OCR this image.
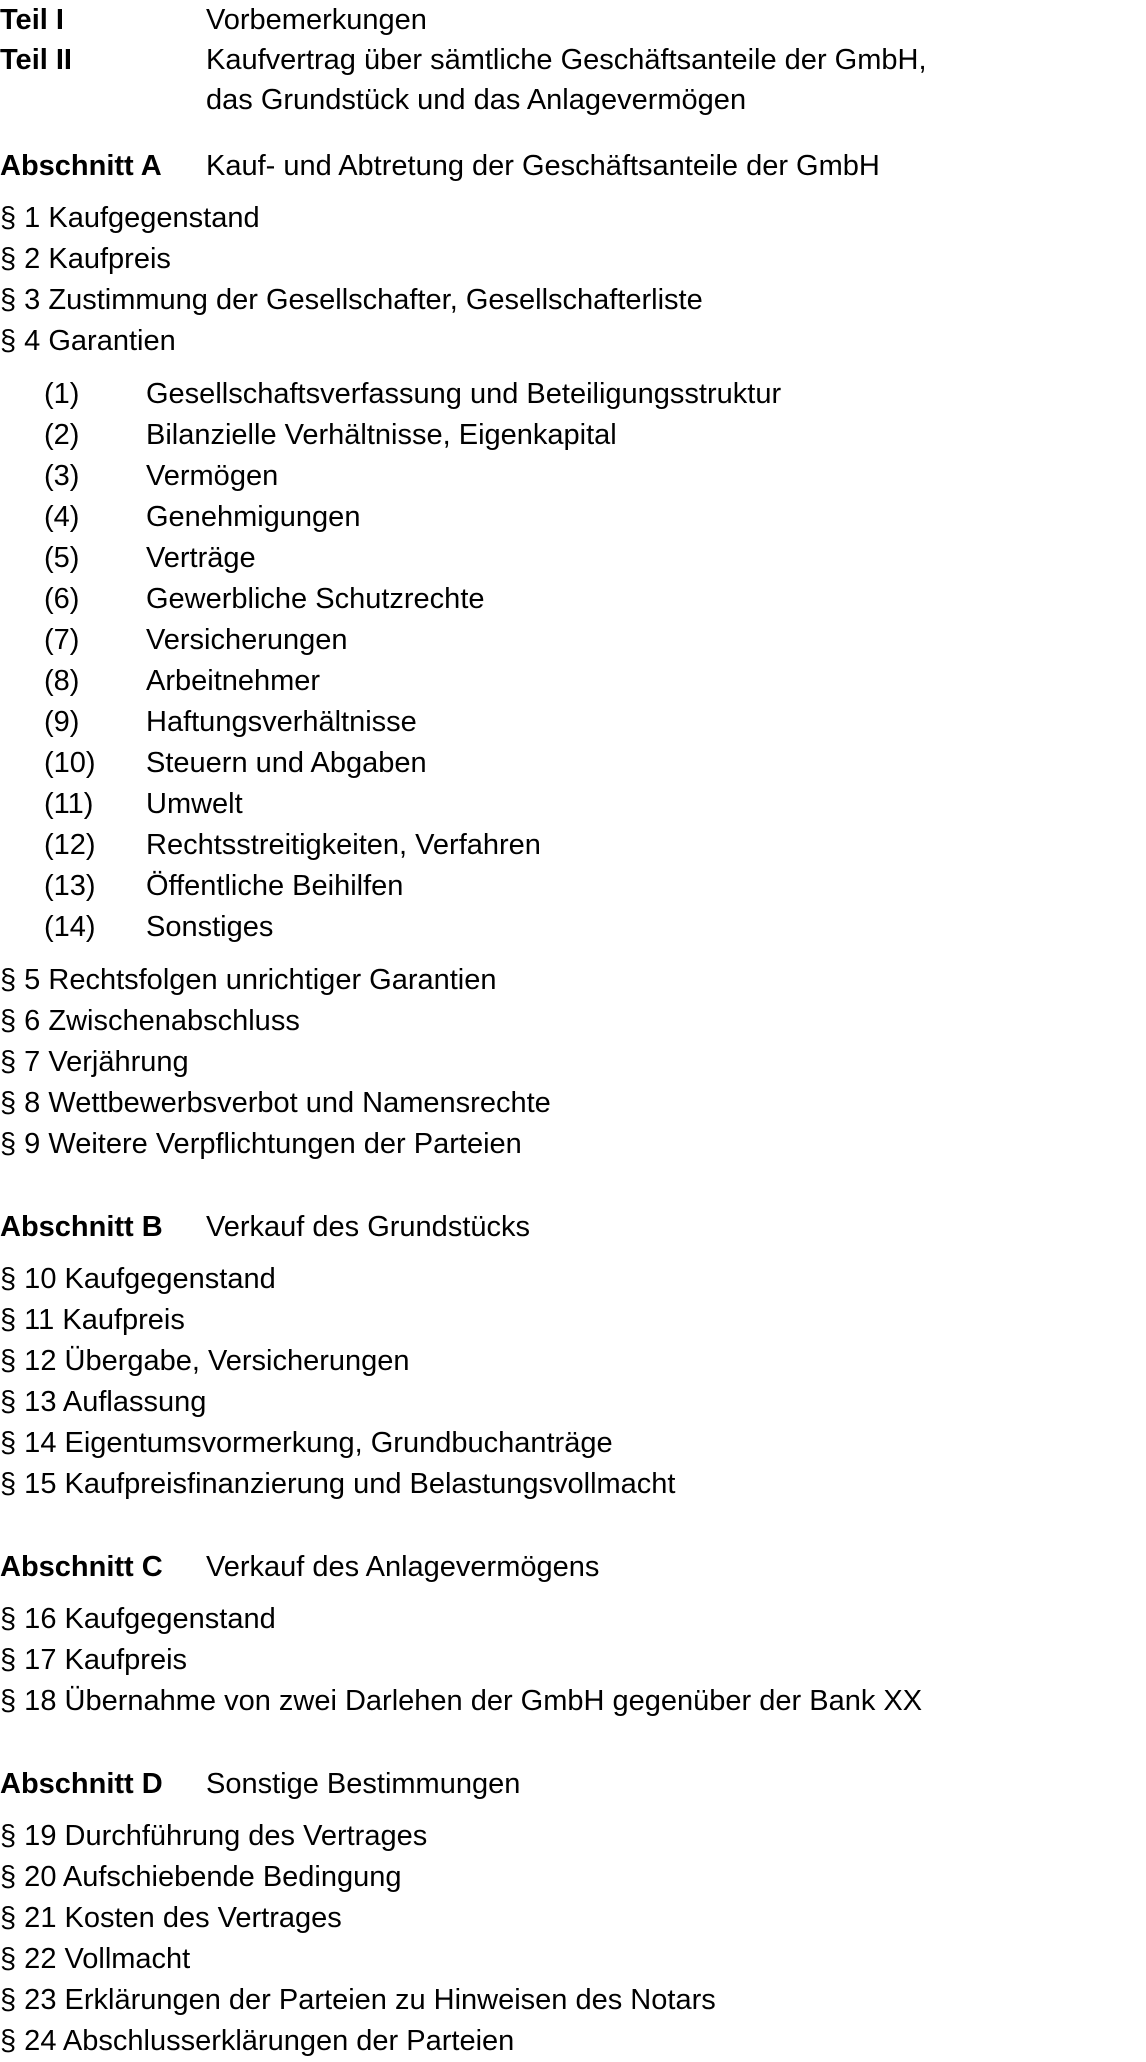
Teil I	Vorbemerkungen
Teil II	Kaufvertrag über sämtliche Geschäftsanteile der GmbH,
das Grundstück und das Anlagevermögen
Abschnitt A	Kauf- und Abtretung der Geschäftsanteile der GmbH
§ 1 Kaufgegenstand
§ 2 Kaufpreis
§ 3 Zustimmung der Gesellschafter, Gesellschafterliste
§ 4 Garantien
(1)	Gesellschaftsverfassung und Beteiligungsstruktur
(2)	Bilanzielle Verhältnisse, Eigenkapital
(3)	Vermögen
(4)	Genehmigungen
(5)	Verträge
(6)	Gewerbliche Schutzrechte
(7)	Versicherungen
(8)	Arbeitnehmer
(9)	Haftungsverhältnisse
(10)	Steuern und Abgaben
(11)	Umwelt
(12)	Rechtsstreitigkeiten, Verfahren
(13)	Öffentliche Beihilfen
(14)	Sonstiges
§ 5 Rechtsfolgen unrichtiger Garantien
§ 6 Zwischenabschluss
§ 7 Verjährung
§ 8 Wettbewerbsverbot und Namensrechte
§ 9 Weitere Verpflichtungen der Parteien
Abschnitt B	Verkauf des Grundstücks
§ 10 Kaufgegenstand
§ 11 Kaufpreis
§ 12 Übergabe, Versicherungen
§ 13 Auflassung
§ 14 Eigentumsvormerkung, Grundbuchanträge
§ 15 Kaufpreisfinanzierung und Belastungsvollmacht
Abschnitt C	Verkauf des Anlagevermögens
§ 16 Kaufgegenstand
§ 17 Kaufpreis
§ 18 Übernahme von zwei Darlehen der GmbH gegenüber der Bank XX
Abschnitt D	Sonstige Bestimmungen
§ 19 Durchführung des Vertrages
§ 20 Aufschiebende Bedingung
§ 21 Kosten des Vertrages
§ 22 Vollmacht
§ 23 Erklärungen der Parteien zu Hinweisen des Notars
§ 24 Abschlusserklärungen der Parteien
